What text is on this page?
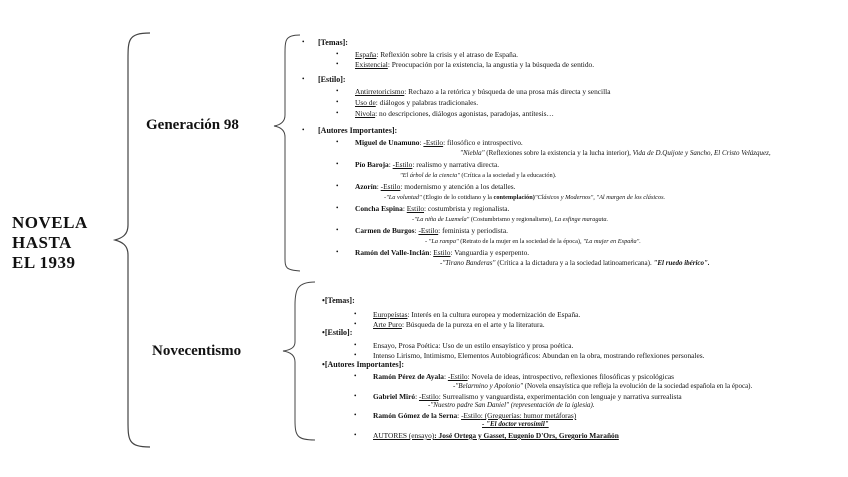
NOVELA
HASTA
EL 1939
Generación 98
Novecentismo
• [Temas]:
• España: Reflexión sobre la crisis y el atraso de España.
• Existencial: Preocupación por la existencia, la angustia y la búsqueda de sentido.
• [Estilo]:
• Antirretoricismo: Rechazo a la retórica y búsqueda de una prosa más directa y sencilla
• Uso de: diálogos y palabras tradicionales.
• Nivola: no descripciones, diálogos agonistas, paradojas, antítesis…
• [Autores Importantes]:
• Miguel de Unamuno: -Estilo: filosófico e introspectivo.
"Niebla" (Reflexiones sobre la existencia y la lucha interior), Vida de D.Quijote y Sancho, El Cristo Velázquez,
• Pío Baroja: -Estilo: realismo y narrativa directa.
"El árbol de la ciencia" (Crítica a la sociedad y la educación).
• Azorín: -Estilo: modernismo y atención a los detalles.
-"La voluntad" (Elogio de lo cotidiano y la contemplación)"Clásicos y Modernos", "Al margen de los clásicos.
• Concha Espina: Estilo: costumbrista y regionalista.
-"La niña de Luzmela" (Costumbrismo y regionalismo), La esfinge maragata.
• Carmen de Burgos: -Estilo: feminista y periodista.
- "La rampa" (Retrato de la mujer en la sociedad de la época), "La mujer en España".
• Ramón del Valle-Inclán: Estilo: Vanguardia y esperpento.
-"Tirano Banderas" (Crítica a la dictadura y a la sociedad latinoamericana). "El ruedo ibérico".
•[Temas]:
• Europeístas: Interés en la cultura europea y modernización de España.
• Arte Puro: Búsqueda de la pureza en el arte y la literatura.
•[Estilo]:
• Ensayo, Prosa Poética: Uso de un estilo ensayístico y prosa poética.
• Intenso Lirismo, Intimismo, Elementos Autobiográficos: Abundan en la obra, mostrando reflexiones personales.
•[Autores Importantes]:
• Ramón Pérez de Ayala: -Estilo: Novela de ideas, introspectivo, reflexiones filosóficas y psicológicas
-"Belarmino y Apolonio" (Novela ensayística que refleja la evolución de la sociedad española en la época).
• Gabriel Miró: -Estilo: Surrealismo y vanguardista, experimentación con lenguaje y narrativa surrealista
-"Nuestro padre San Daniel" (representación de la iglesia).
• Ramón Gómez de la Serna: -Estilo: (Greguerías: humor metáforas)
- "El doctor verosímil"
• AUTORES (ensayo): José Ortega y Gasset, Eugenio D'Ors, Gregorio Marañón
